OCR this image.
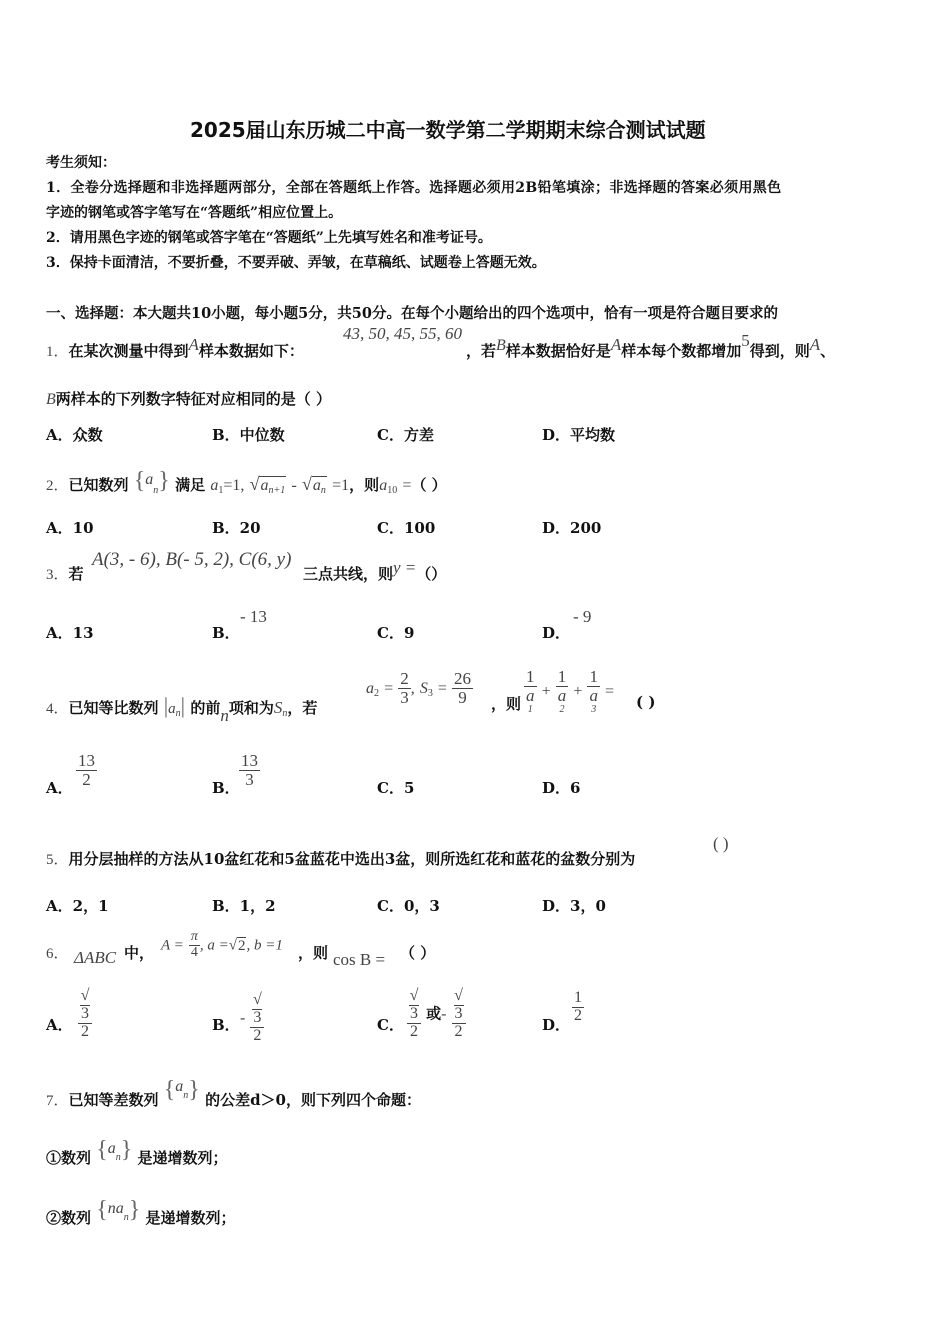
2025届山东历城二中高一数学第二学期期末综合测试试题
考生须知：
1．全卷分选择题和非选择题两部分，全部在答题纸上作答。选择题必须用2B铅笔填涂；非选择题的答案必须用黑色
字迹的钢笔或答字笔写在“答题纸”相应位置上。
2．请用黑色字迹的钢笔或答字笔在“答题纸”上先填写姓名和准考证号。
3．保持卡面清洁，不要折叠，不要弄破、弄皱，在草稿纸、试题卷上答题无效。
一、选择题：本大题共10小题，每小题5分，共50分。在每个小题给出的四个选项中，恰有一项是符合题目要求的
1．在某次测量中得到A样本数据如下：
43, 50, 45, 55, 60
，若B样本数据恰好是A样本每个数都增加5得到，则A、
B两样本的下列数字特征对应相同的是（ ）
A．众数	B．中位数	C．方差	D．平均数
2．已知数列 $\{a_n\}$ 满足 $a_1=1$, $√a_{n+1} - √a_n =1$，则$a_{10}$ =（ ）
A．10	B．20	C．100	D．200
3．若
A(3, - 6), B(- 5, 2), C(6, y)
三点共线，则y =（）
A．13	B．
- 13
C．9	D．
- 9
4．已知等比数列 $|a_n|$ 的前n项和为$S_n$，若
$a_2 = \frac{2}{3}$ , $S_3 = \frac{26}{9}$ ，则 1
a
1 + 1
a
2 + 1
a
3 =
( )
A． $\frac{13}{2}$	B． $\frac{13}{3}$	C．5	D．6
5．用分层抽样的方法从10盆红花和5盆蓝花中选出3盆，则所选红花和蓝花的盆数分别为
( )
A．2，1	B．1，2	C．0，3	D．3，0
6． ΔABC 中， $A = \frac{\pi}{4}$ , a =√2, b =1 ，则 cos B = （ ）
A． √
3
2	B． - √
3
2	C． √
3
2 或- √
3
2	D．
$\frac{1}{2}$
7．已知等差数列 $\{a^n\}$ 的公差d＞0，则下列四个命题：
①数列 $\{a^n\}$ 是递增数列；
②数列 $\{na^n\}$ 是递增数列；
